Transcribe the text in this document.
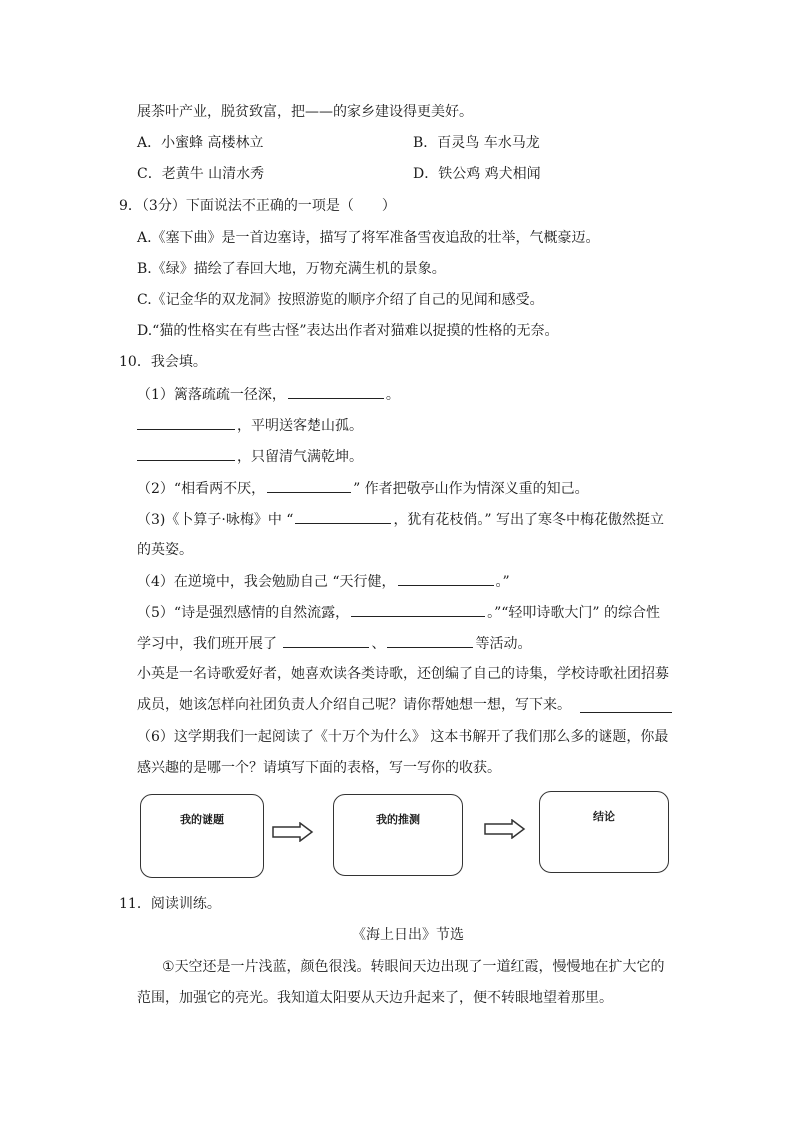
展茶叶产业，脱贫致富，把——的家乡建设得更美好。
A．小蜜蜂 高楼林立	B．百灵鸟 车水马龙
C．老黄牛 山清水秀	D．铁公鸡 鸡犬相闻
9．（3分）下面说法不正确的一项是（　　）
A.《塞下曲》是一首边塞诗，描写了将军准备雪夜追敌的壮举，气概豪迈。
B.《绿》描绘了春回大地，万物充满生机的景象。
C.《记金华的双龙洞》按照游览的顺序介绍了自己的见闻和感受。
D.“猫的性格实在有些古怪”表达出作者对猫难以捉摸的性格的无奈。
10．我会填。
（1）篱落疏疏一径深，	。
，平明送客楚山孤。
，只留清气满乾坤。
（2）“相看两不厌，	” 作者把敬亭山作为情深义重的知己。
（3)《卜算子·咏梅》中 “	，犹有花枝俏。” 写出了寒冬中梅花傲然挺立
的英姿。
（4）在逆境中，我会勉励自己 “天行健，	。”
（5）“诗是强烈感情的自然流露，	。”“轻叩诗歌大门” 的综合性
学习中，我们班开展了	、	等活动。
小英是一名诗歌爱好者，她喜欢读各类诗歌，还创编了自己的诗集，学校诗歌社团招募
成员，她该怎样向社团负责人介绍自己呢？请你帮她想一想，写下来。
（6）这学期我们一起阅读了《十万个为什么》 这本书解开了我们那么多的谜题，你最
感兴趣的是哪一个？请填写下面的表格，写一写你的收获。
我的谜题	我的推测	结论
11．阅读训练。
《海上日出》节选
①天空还是一片浅蓝，颜色很浅。转眼间天边出现了一道红霞，慢慢地在扩大它的
范围，加强它的亮光。我知道太阳要从天边升起来了，便不转眼地望着那里。
